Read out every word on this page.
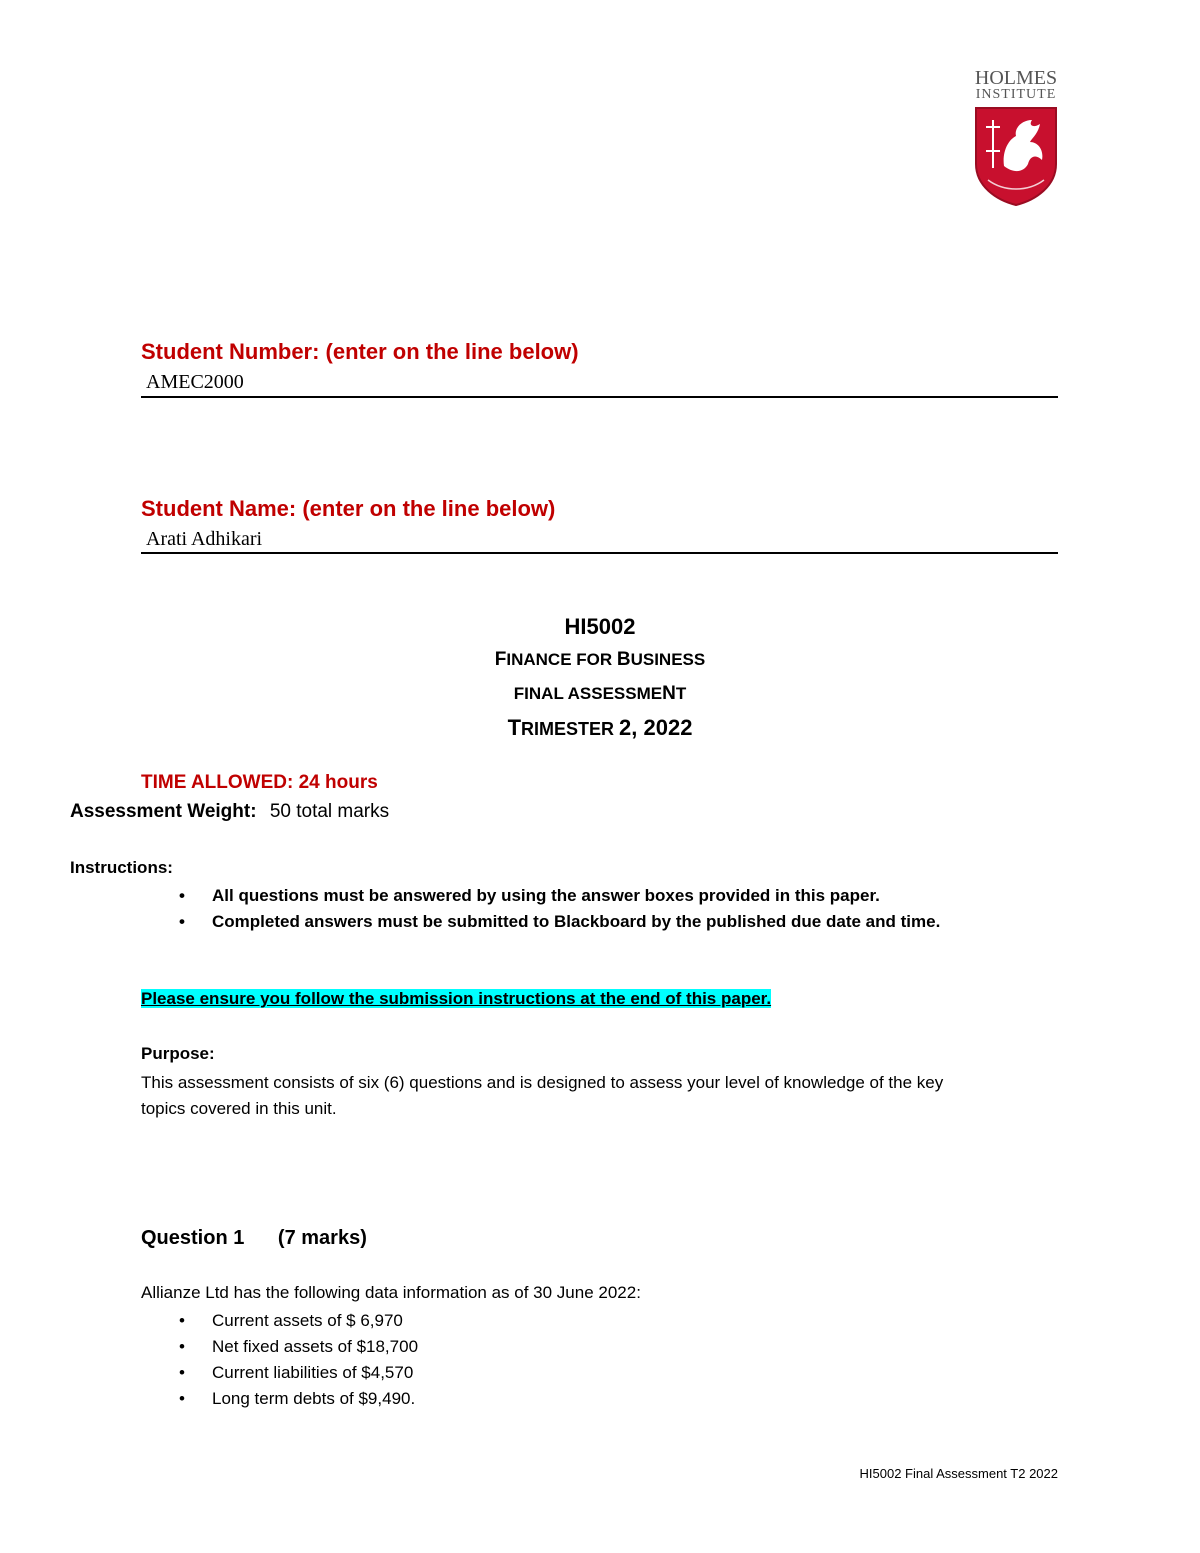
HOLMES
INSTITUTE
Student Number: (enter on the line below)
AMEC2000
Student Name: (enter on the line below)
Arati Adhikari
HI5002
FINANCE FOR BUSINESS
FINAL ASSESSMENT
TRIMESTER 2, 2022
TIME ALLOWED: 24 hours
Assessment Weight: 50 total marks
Instructions:
• All questions must be answered by using the answer boxes provided in this paper.
• Completed answers must be submitted to Blackboard by the published due date and time.
Please ensure you follow the submission instructions at the end of this paper.
Purpose:
This assessment consists of six (6) questions and is designed to assess your level of knowledge of the key
topics covered in this unit.
Question 1 (7 marks)
Allianze Ltd has the following data information as of 30 June 2022:
• Current assets of $ 6,970
• Net fixed assets of $18,700
• Current liabilities of $4,570
• Long term debts of $9,490.
HI5002 Final Assessment T2 2022
